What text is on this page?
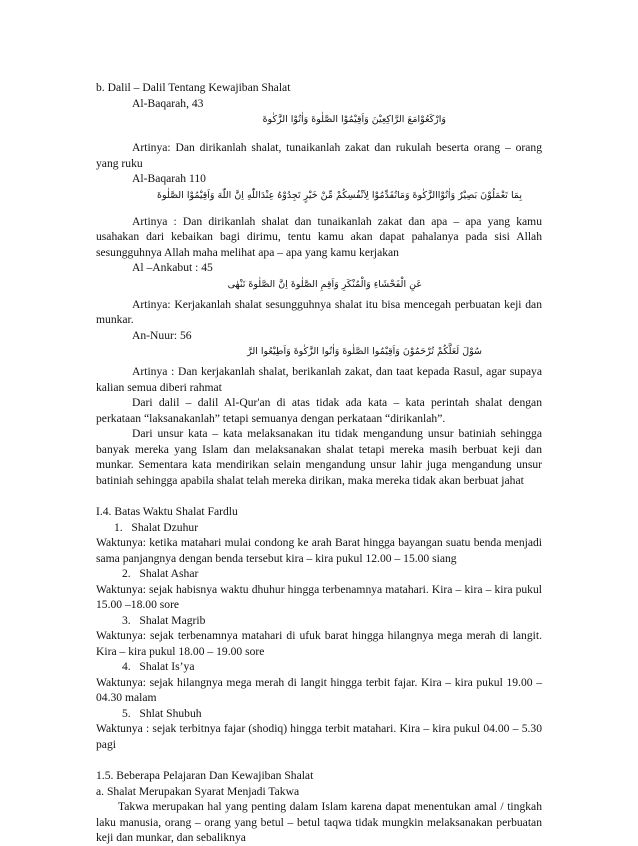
b. Dalil – Dalil Tentang Kewajiban Shalat
Al-Baqarah, 43
وَارْكَعُوْامَعَ الرَّاكِعِيْنَ وَاَقِيْمُوْا الصَّلٰوةَ وَاٰتُوْا الزَّكٰوةَ
Artinya: Dan dirikanlah shalat, tunaikanlah zakat dan rukulah beserta orang – orang yang ruku
Al-Baqarah 110
بِمَا تَعْمَلُوْنَ بَصِيْرٌ وَاٰتُوْاالزَّكٰوةَ وَمَاتُقَدِّمُوْا لِاَنْفُسِكُمْ مِّنْ خَيْرٍ تَجِدُوْهُ عِنْدَاللّٰهِ اِنَّ اللّٰهَ وَاَقِيْمُوْا الصَّلٰوةَ
Artinya : Dan dirikanlah shalat dan tunaikanlah zakat dan apa – apa yang kamu usahakan dari kebaikan bagi dirimu, tentu kamu akan dapat pahalanya pada sisi Allah sesungguhnya Allah maha melihat apa – apa yang kamu kerjakan
Al –Ankabut : 45
عَنِ الْفَحْشَاءِ وَالْمُنْكَرِ وَاَقِمِ الصَّلٰوةَ اِنَّ الصَّلٰوةَ تَنْهٰى
Artinya: Kerjakanlah shalat sesungguhnya shalat itu bisa mencegah perbuatan keji dan munkar.
An-Nuur: 56
سُوْلَ لَعَلَّكُمْ تُرْحَمُوْنَ وَاَقِيْمُوا الصَّلٰوةَ وَاٰتُوا الزَّكٰوةَ وَاَطِيْعُوا الرَّ
Artinya : Dan kerjakanlah shalat, berikanlah zakat, dan taat kepada Rasul, agar supaya kalian semua diberi rahmat
Dari dalil – dalil Al-Qur'an di atas tidak ada kata – kata perintah shalat dengan perkataan “laksanakanlah” tetapi semuanya dengan perkataan “dirikanlah”.
Dari unsur kata – kata melaksanakan itu tidak mengandung unsur batiniah sehingga banyak mereka yang Islam dan melaksanakan shalat tetapi mereka masih berbuat keji dan munkar. Sementara kata mendirikan selain mengandung unsur lahir juga mengandung unsur batiniah sehingga apabila shalat telah mereka dirikan, maka mereka tidak akan berbuat jahat
I.4. Batas Waktu Shalat Fardlu
1. Shalat Dzuhur
Waktunya: ketika matahari mulai condong ke arah Barat hingga bayangan suatu benda menjadi sama panjangnya dengan benda tersebut kira – kira pukul 12.00 – 15.00 siang
2. Shalat Ashar
Waktunya: sejak habisnya waktu dhuhur hingga terbenamnya matahari. Kira – kira – kira pukul 15.00 –18.00 sore
3. Shalat Magrib
Waktunya: sejak terbenamnya matahari di ufuk barat hingga hilangnya mega merah di langit. Kira – kira pukul 18.00 – 19.00 sore
4. Shalat Is’ya
Waktunya: sejak hilangnya mega merah di langit hingga terbit fajar. Kira – kira pukul 19.00 – 04.30 malam
5. Shlat Shubuh
Waktunya : sejak terbitnya fajar (shodiq) hingga terbit matahari. Kira – kira pukul 04.00 – 5.30 pagi
1.5. Beberapa Pelajaran Dan Kewajiban Shalat
a. Shalat Merupakan Syarat Menjadi Takwa
Takwa merupakan hal yang penting dalam Islam karena dapat menentukan amal / tingkah laku manusia, orang – orang yang betul – betul taqwa tidak mungkin melaksanakan perbuatan keji dan munkar, dan sebaliknya
